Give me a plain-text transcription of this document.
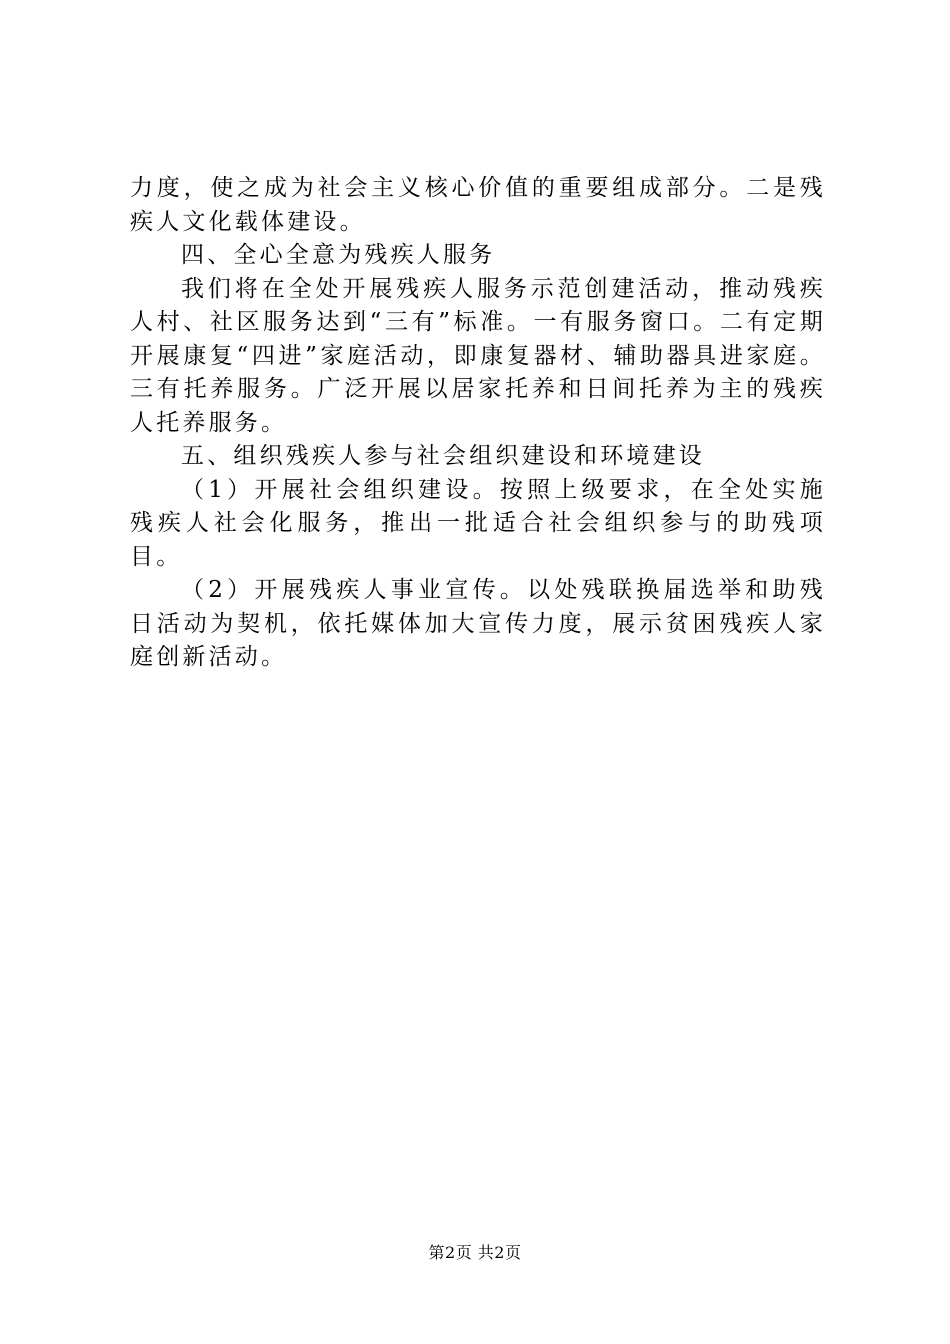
力度，使之成为社会主义核心价值的重要组成部分。二是残疾人文化载体建设。

四、全心全意为残疾人服务

我们将在全处开展残疾人服务示范创建活动，推动残疾人村、社区服务达到“三有”标准。一有服务窗口。二有定期开展康复“四进”家庭活动，即康复器材、辅助器具进家庭。三有托养服务。广泛开展以居家托养和日间托养为主的残疾人托养服务。

五、组织残疾人参与社会组织建设和环境建设

（1）开展社会组织建设。按照上级要求，在全处实施残疾人社会化服务，推出一批适合社会组织参与的助残项目。

（2）开展残疾人事业宣传。以处残联换届选举和助残日活动为契机，依托媒体加大宣传力度，展示贫困残疾人家庭创新活动。

第2页 共2页
